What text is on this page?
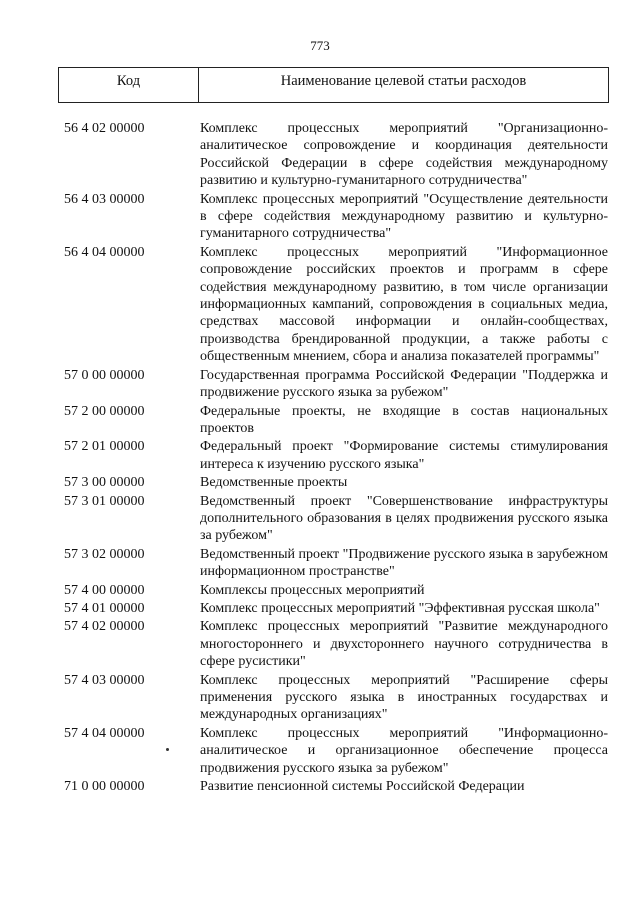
773
Код	Наименование целевой статьи расходов
56 4 02 00000	Комплекс процессных мероприятий "Организационно-аналитическое сопровождение и координация деятельности Российской Федерации в сфере содействия международному развитию и культурно-гуманитарного сотрудничества"
56 4 03 00000	Комплекс процессных мероприятий "Осуществление деятельности в сфере содействия международному развитию и культурно-гуманитарного сотрудничества"
56 4 04 00000	Комплекс процессных мероприятий "Информационное сопровождение российских проектов и программ в сфере содействия международному развитию, в том числе организации информационных кампаний, сопровождения в социальных медиа, средствах массовой информации и онлайн-сообществах, производства брендированной продукции, а также работы с общественным мнением, сбора и анализа показателей программы"
57 0 00 00000	Государственная программа Российской Федерации "Поддержка и продвижение русского языка за рубежом"
57 2 00 00000	Федеральные проекты, не входящие в состав национальных проектов
57 2 01 00000	Федеральный проект "Формирование системы стимулирования интереса к изучению русского языка"
57 3 00 00000	Ведомственные проекты
57 3 01 00000	Ведомственный проект "Совершенствование инфраструктуры дополнительного образования в целях продвижения русского языка за рубежом"
57 3 02 00000	Ведомственный проект "Продвижение русского языка в зарубежном информационном пространстве"
57 4 00 00000	Комплексы процессных мероприятий
57 4 01 00000	Комплекс процессных мероприятий "Эффективная русская школа"
57 4 02 00000	Комплекс процессных мероприятий "Развитие международного многостороннего и двухстороннего научного сотрудничества в сфере русистики"
57 4 03 00000	Комплекс процессных мероприятий "Расширение сферы применения русского языка в иностранных государствах и международных организациях"
57 4 04 00000	Комплекс процессных мероприятий "Информационно-аналитическое и организационное обеспечение процесса продвижения русского языка за рубежом"
71 0 00 00000	Развитие пенсионной системы Российской Федерации
